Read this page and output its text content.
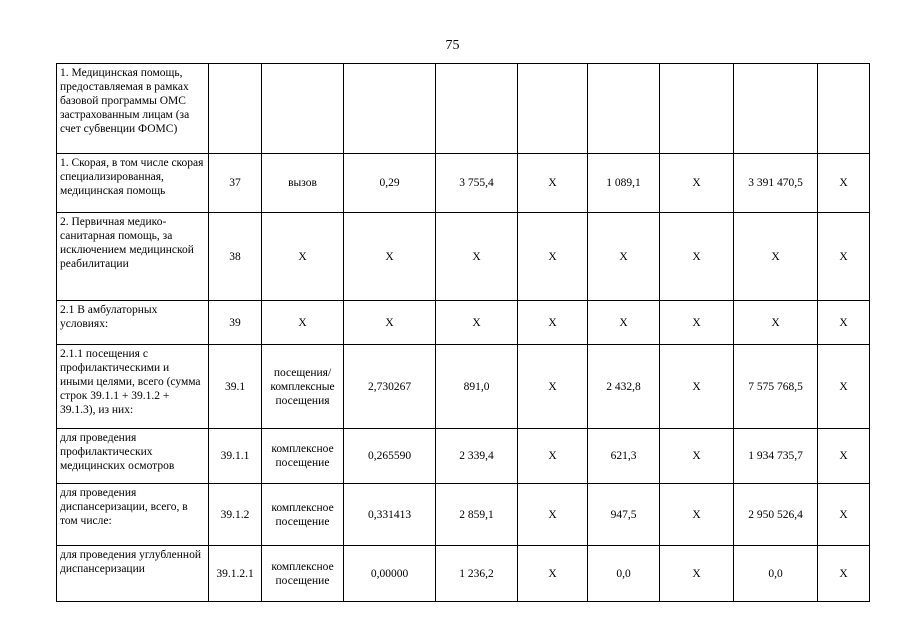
75
1. Медицинская помощь, предоставляемая в рамках базовой программы ОМС застрахованным лицам (за счет субвенции ФОМС)									
1. Скорая, в том числе скорая специализированная, медицинская помощь	37	вызов	0,29	3 755,4	Х	1 089,1	Х	3 391 470,5	Х
2. Первичная медико-санитарная помощь, за исключением медицинской реабилитации	38	Х	Х	Х	Х	Х	Х	Х	Х
2.1 В амбулаторных условиях:	39	Х	Х	Х	Х	Х	Х	Х	Х
2.1.1 посещения с профилактическими и иными целями, всего (сумма строк 39.1.1 + 39.1.2 + 39.1.3), из них:	39.1	посещения/комплексные посещения	2,730267	891,0	Х	2 432,8	Х	7 575 768,5	Х
для проведения профилактических медицинских осмотров	39.1.1	комплексное посещение	0,265590	2 339,4	Х	621,3	Х	1 934 735,7	Х
для проведения диспансеризации, всего, в том числе:	39.1.2	комплексное посещение	0,331413	2 859,1	Х	947,5	Х	2 950 526,4	Х
для проведения углубленной диспансеризации	39.1.2.1	комплексное посещение	0,00000	1 236,2	Х	0,0	Х	0,0	Х
